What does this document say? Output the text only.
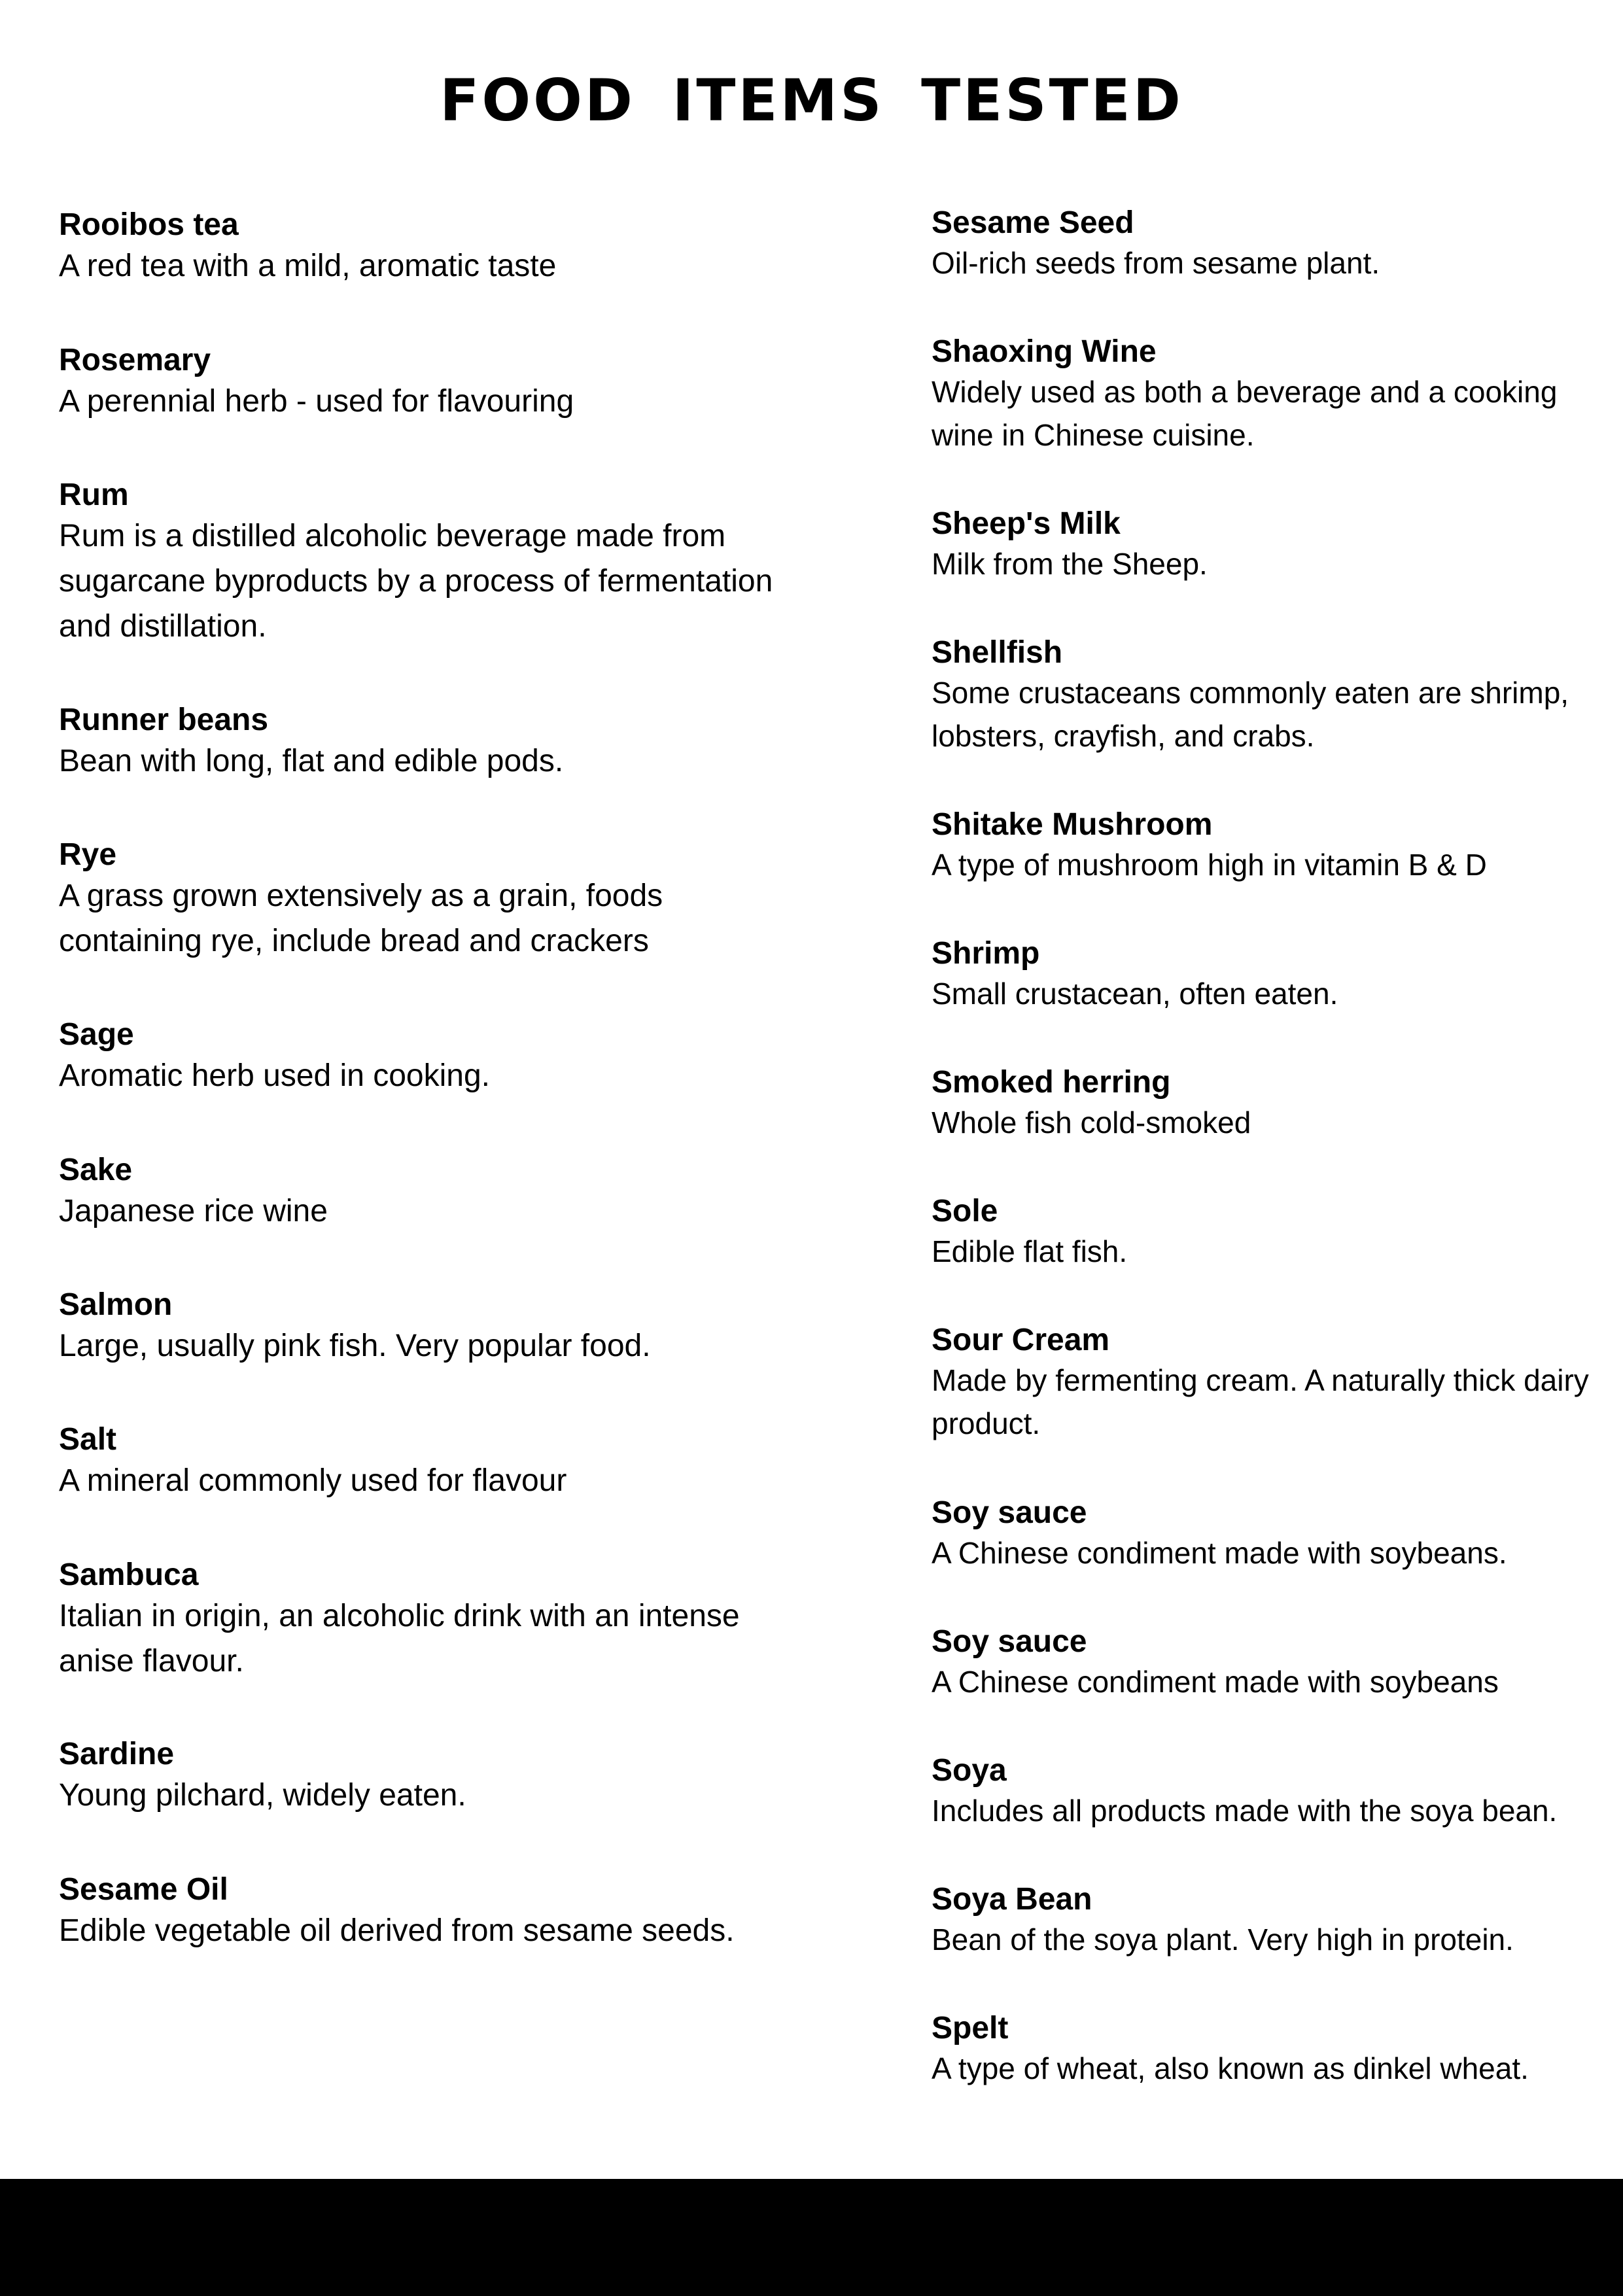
FOOD ITEMS TESTED
Rooibos tea
A red tea with a mild, aromatic taste
Rosemary
A perennial herb - used for flavouring
Rum
Rum is a distilled alcoholic beverage made from sugarcane byproducts by a process of fermentation and distillation.
Runner beans
Bean with long, flat and edible pods.
Rye
A grass grown extensively as a grain, foods containing rye, include bread and crackers
Sage
Aromatic herb used in cooking.
Sake
Japanese rice wine
Salmon
Large, usually pink fish. Very popular food.
Salt
A mineral commonly used for flavour
Sambuca
Italian in origin, an alcoholic drink with an intense anise flavour.
Sardine
Young pilchard, widely eaten.
Sesame Oil
Edible vegetable oil derived from sesame seeds.
Sesame Seed
Oil-rich seeds from sesame plant.
Shaoxing Wine
Widely used as both a beverage and a cooking wine in Chinese cuisine.
Sheep's Milk
Milk from the Sheep.
Shellfish
Some crustaceans commonly eaten are shrimp, lobsters, crayfish, and crabs.
Shitake Mushroom
A type of mushroom high in vitamin B & D
Shrimp
Small crustacean, often eaten.
Smoked herring
Whole fish cold-smoked
Sole
Edible flat fish.
Sour Cream
Made by fermenting cream. A naturally thick dairy product.
Soy sauce
A Chinese condiment made with soybeans.
Soy sauce
A Chinese condiment made with soybeans
Soya
Includes all products made with the soya bean.
Soya Bean
Bean of the soya plant. Very high in protein.
Spelt
A type of wheat, also known as dinkel wheat.
